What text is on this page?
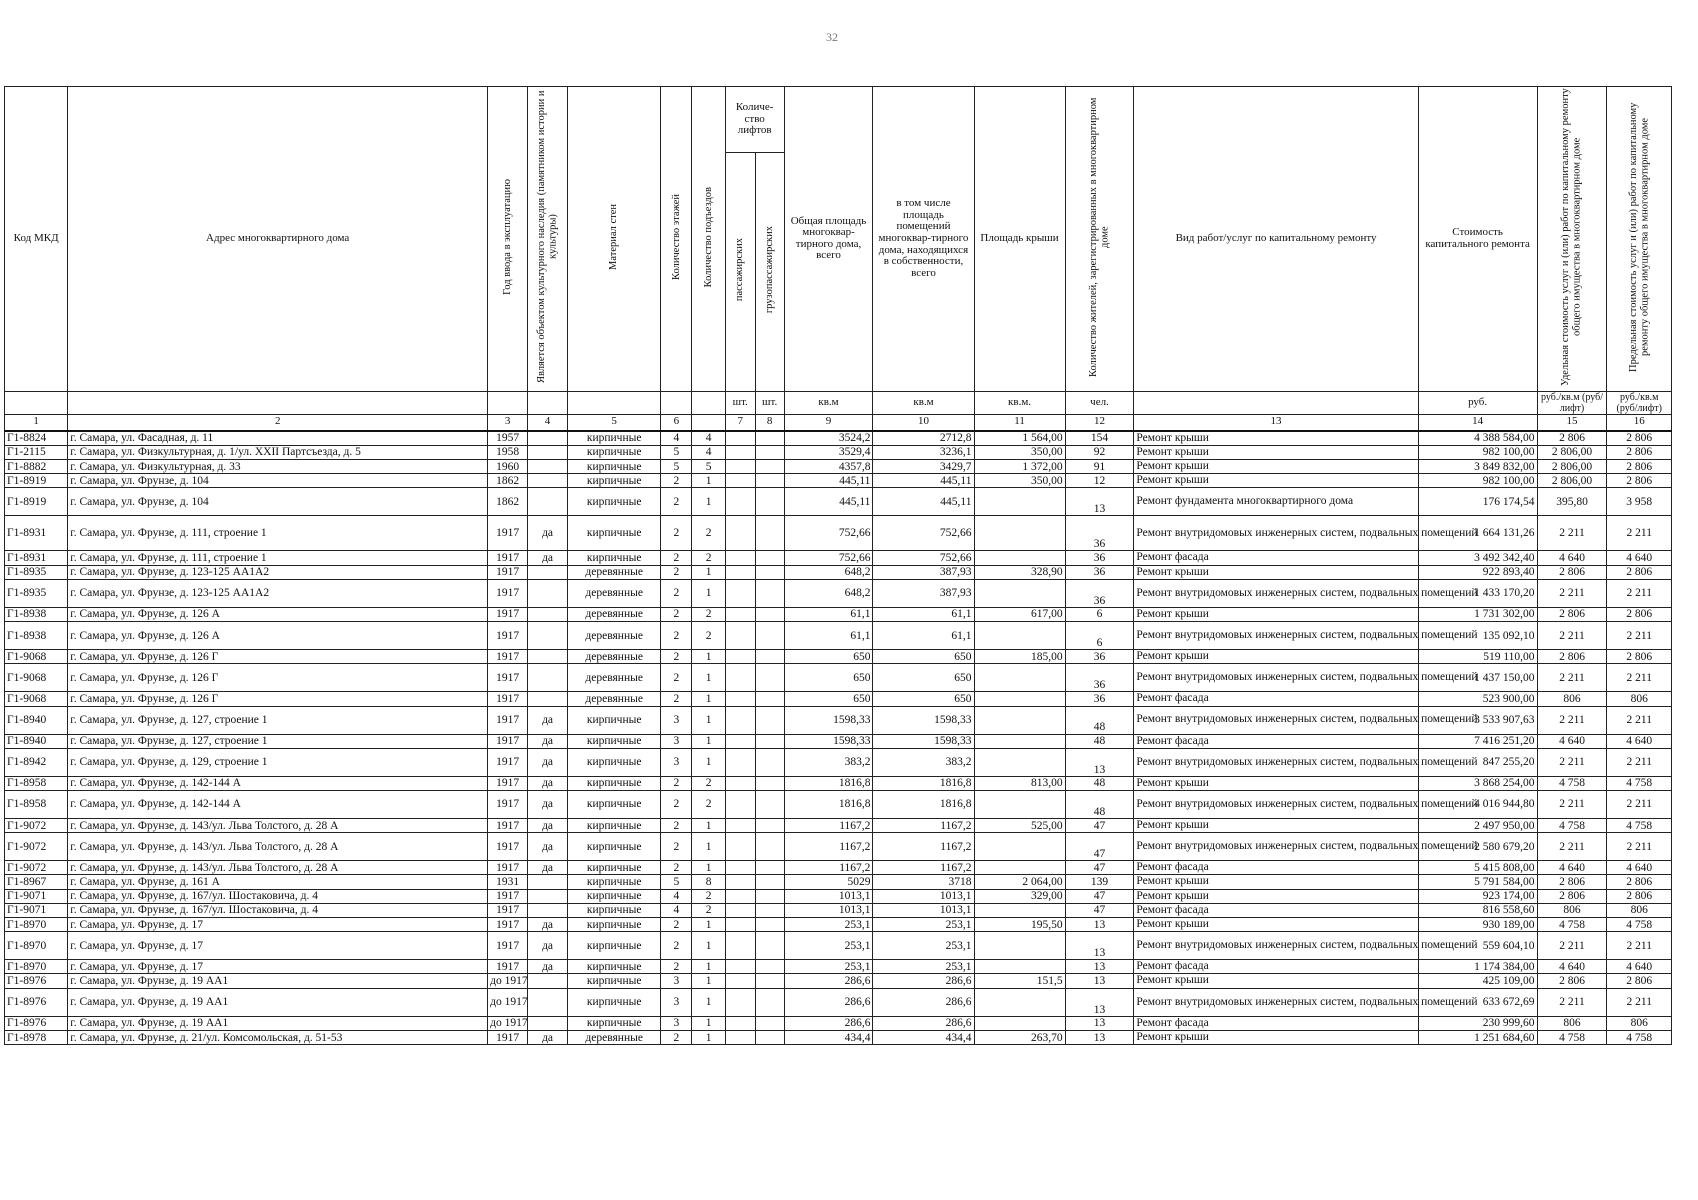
32
Код МКД	Адрес многоквартирного дома	Год ввода в эксплуатацию	Является объектом культурного наследия (памятником истории и культуры)	Материал стен	Количество этажей	Количество подъездов	Количе-ство лифтов		Общая площадь многоквар-тирного дома, всего	в том числе площадь помещений многоквар-тирного дома, находящихся в собственности, всего	Площадь крыши	Количество жителей, зарегистрированных в многоквартирном доме	Вид работ/услуг по капитальному ремонту	Стоимость капитального ремонта	Удельная стоимость услуг и (или) работ по капитальному ремонту общего имущества в многоквартирном доме	Предельная стоимость услуг и (или) работ по капитальному ремонту общего имущества в многоквартирном доме
							пассажирских	грузопассажирских								

							шт.	шт.	кв.м	кв.м	кв.м.	чел.		руб.	руб./кв.м (руб/лифт)	руб./кв.м (руб/лифт)
1	2	3	4	5	6		7	8	9	10	11	12	13	14	15	16
Г1-8824	г. Самара, ул. Фасадная, д. 11	1957		кирпичные	4	4			3524,2	2712,8	1 564,00	154	Ремонт крыши	4 388 584,00	2 806	2 806
Г1-2115	г. Самара, ул. Физкультурная, д. 1/ул. XXII Партсъезда, д. 5	1958		кирпичные	5	4			3529,4	3236,1	350,00	92	Ремонт крыши	982 100,00	2 806,00	2 806
Г1-8882	г. Самара, ул. Физкультурная, д. 33	1960		кирпичные	5	5			4357,8	3429,7	1 372,00	91	Ремонт крыши	3 849 832,00	2 806,00	2 806
Г1-8919	г. Самара, ул. Фрунзе, д. 104	1862		кирпичные	2	1			445,11	445,11	350,00	12	Ремонт крыши	982 100,00	2 806,00	2 806
Г1-8919	г. Самара, ул. Фрунзе, д. 104	1862		кирпичные	2	1			445,11	445,11		13	Ремонт фундамента многоквартирного дома	176 174,54	395,80	3 958
Г1-8931	г. Самара, ул. Фрунзе, д. 111, строение 1	1917	да	кирпичные	2	2			752,66	752,66		36	Ремонт внутридомовых инженерных систем, подвальных помещений	1 664 131,26	2 211	2 211
Г1-8931	г. Самара, ул. Фрунзе, д. 111, строение 1	1917	да	кирпичные	2	2			752,66	752,66		36	Ремонт фасада	3 492 342,40	4 640	4 640
Г1-8935	г. Самара, ул. Фрунзе, д. 123-125 АА1А2	1917		деревянные	2	1			648,2	387,93	328,90	36	Ремонт крыши	922 893,40	2 806	2 806
Г1-8935	г. Самара, ул. Фрунзе, д. 123-125 АА1А2	1917		деревянные	2	1			648,2	387,93		36	Ремонт внутридомовых инженерных систем, подвальных помещений	1 433 170,20	2 211	2 211
Г1-8938	г. Самара, ул. Фрунзе, д. 126 А	1917		деревянные	2	2			61,1	61,1	617,00	6	Ремонт крыши	1 731 302,00	2 806	2 806
Г1-8938	г. Самара, ул. Фрунзе, д. 126 А	1917		деревянные	2	2			61,1	61,1		6	Ремонт внутридомовых инженерных систем, подвальных помещений	135 092,10	2 211	2 211
Г1-9068	г. Самара, ул. Фрунзе, д. 126 Г	1917		деревянные	2	1			650	650	185,00	36	Ремонт крыши	519 110,00	2 806	2 806
Г1-9068	г. Самара, ул. Фрунзе, д. 126 Г	1917		деревянные	2	1			650	650		36	Ремонт внутридомовых инженерных систем, подвальных помещений	1 437 150,00	2 211	2 211
Г1-9068	г. Самара, ул. Фрунзе, д. 126 Г	1917		деревянные	2	1			650	650		36	Ремонт фасада	523 900,00	806	806
Г1-8940	г. Самара, ул. Фрунзе, д. 127, строение 1	1917	да	кирпичные	3	1			1598,33	1598,33		48	Ремонт внутридомовых инженерных систем, подвальных помещений	3 533 907,63	2 211	2 211
Г1-8940	г. Самара, ул. Фрунзе, д. 127, строение 1	1917	да	кирпичные	3	1			1598,33	1598,33		48	Ремонт фасада	7 416 251,20	4 640	4 640
Г1-8942	г. Самара, ул. Фрунзе, д. 129, строение 1	1917	да	кирпичные	3	1			383,2	383,2		13	Ремонт внутридомовых инженерных систем, подвальных помещений	847 255,20	2 211	2 211
Г1-8958	г. Самара, ул. Фрунзе, д. 142-144 А	1917	да	кирпичные	2	2			1816,8	1816,8	813,00	48	Ремонт крыши	3 868 254,00	4 758	4 758
Г1-8958	г. Самара, ул. Фрунзе, д. 142-144 А	1917	да	кирпичные	2	2			1816,8	1816,8		48	Ремонт внутридомовых инженерных систем, подвальных помещений	4 016 944,80	2 211	2 211
Г1-9072	г. Самара, ул. Фрунзе, д. 143/ул. Льва Толстого, д. 28 А	1917	да	кирпичные	2	1			1167,2	1167,2	525,00	47	Ремонт крыши	2 497 950,00	4 758	4 758
Г1-9072	г. Самара, ул. Фрунзе, д. 143/ул. Льва Толстого, д. 28 А	1917	да	кирпичные	2	1			1167,2	1167,2		47	Ремонт внутридомовых инженерных систем, подвальных помещений	2 580 679,20	2 211	2 211
Г1-9072	г. Самара, ул. Фрунзе, д. 143/ул. Льва Толстого, д. 28 А	1917	да	кирпичные	2	1			1167,2	1167,2		47	Ремонт фасада	5 415 808,00	4 640	4 640
Г1-8967	г. Самара, ул. Фрунзе, д. 161 А	1931		кирпичные	5	8			5029	3718	2 064,00	139	Ремонт крыши	5 791 584,00	2 806	2 806
Г1-9071	г. Самара, ул. Фрунзе, д. 167/ул. Шостаковича, д. 4	1917		кирпичные	4	2			1013,1	1013,1	329,00	47	Ремонт крыши	923 174,00	2 806	2 806
Г1-9071	г. Самара, ул. Фрунзе, д. 167/ул. Шостаковича, д. 4	1917		кирпичные	4	2			1013,1	1013,1		47	Ремонт фасада	816 558,60	806	806
Г1-8970	г. Самара, ул. Фрунзе, д. 17	1917	да	кирпичные	2	1			253,1	253,1	195,50	13	Ремонт крыши	930 189,00	4 758	4 758
Г1-8970	г. Самара, ул. Фрунзе, д. 17	1917	да	кирпичные	2	1			253,1	253,1		13	Ремонт внутридомовых инженерных систем, подвальных помещений	559 604,10	2 211	2 211
Г1-8970	г. Самара, ул. Фрунзе, д. 17	1917	да	кирпичные	2	1			253,1	253,1		13	Ремонт фасада	1 174 384,00	4 640	4 640
Г1-8976	г. Самара, ул. Фрунзе, д. 19 АА1	до 1917		кирпичные	3	1			286,6	286,6	151,5	13	Ремонт крыши	425 109,00	2 806	2 806
Г1-8976	г. Самара, ул. Фрунзе, д. 19 АА1	до 1917		кирпичные	3	1			286,6	286,6		13	Ремонт внутридомовых инженерных систем, подвальных помещений	633 672,69	2 211	2 211
Г1-8976	г. Самара, ул. Фрунзе, д. 19 АА1	до 1917		кирпичные	3	1			286,6	286,6		13	Ремонт фасада	230 999,60	806	806
Г1-8978	г. Самара, ул. Фрунзе, д. 21/ул. Комсомольская, д. 51-53	1917	да	деревянные	2	1			434,4	434,4	263,70	13	Ремонт крыши	1 251 684,60	4 758	4 758
